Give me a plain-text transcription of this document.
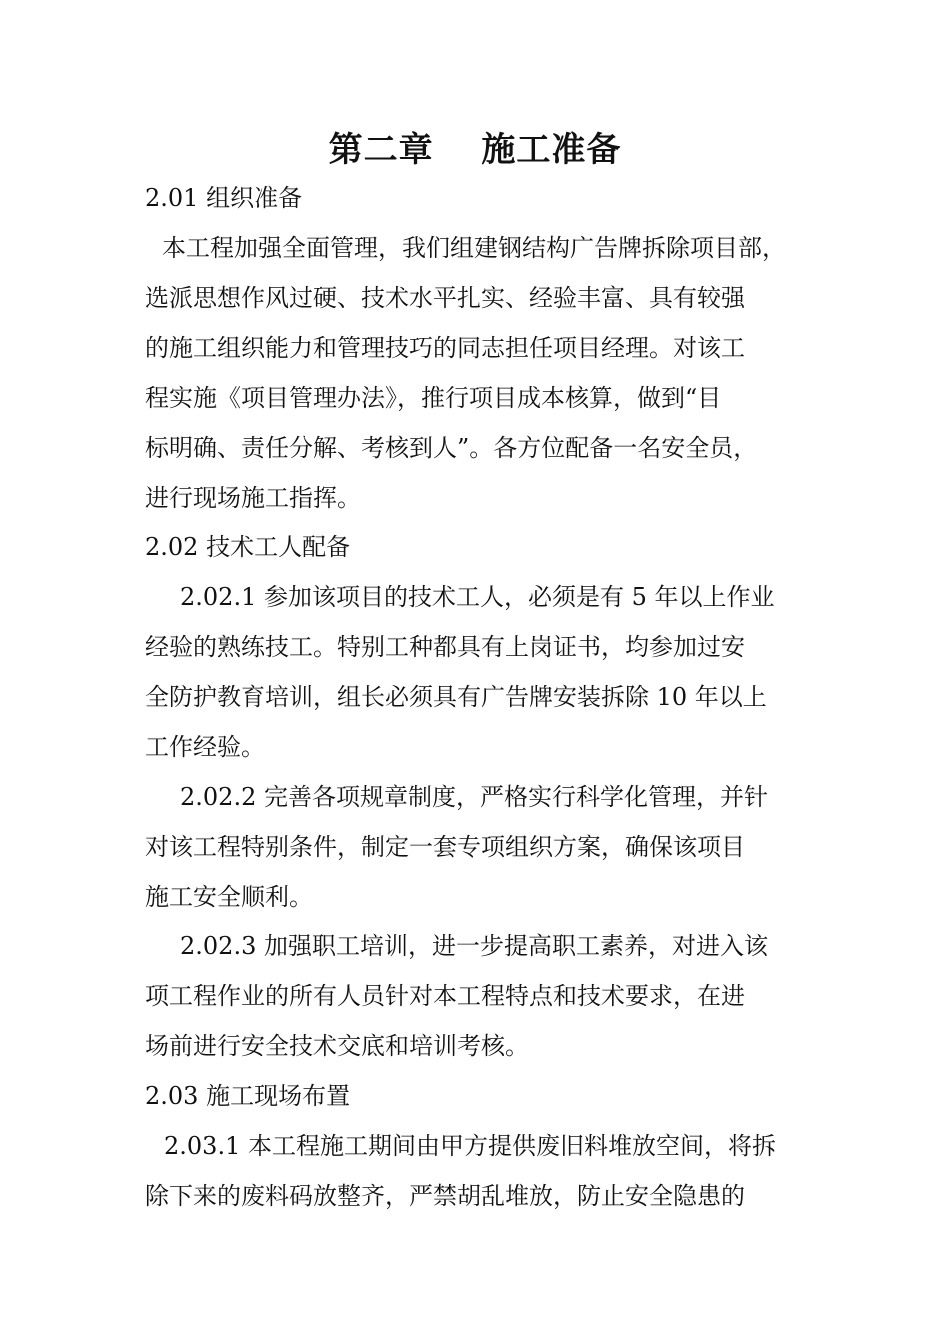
第二章　 施工准备
2.01 组织准备
本工程加强全面管理，我们组建钢结构广告牌拆除项目部，
选派思想作风过硬、技术水平扎实、经验丰富、具有较强
的施工组织能力和管理技巧的同志担任项目经理。对该工
程实施《项目管理办法》，推行项目成本核算，做到“目
标明确、责任分解、考核到人”。各方位配备一名安全员，
进行现场施工指挥。
2.02 技术工人配备
2.02.1 参加该项目的技术工人，必须是有 5 年以上作业
经验的熟练技工。特别工种都具有上岗证书，均参加过安
全防护教育培训，组长必须具有广告牌安装拆除 10 年以上
工作经验。
2.02.2 完善各项规章制度，严格实行科学化管理，并针
对该工程特别条件，制定一套专项组织方案，确保该项目
施工安全顺利。
2.02.3 加强职工培训，进一步提高职工素养，对进入该
项工程作业的所有人员针对本工程特点和技术要求，在进
场前进行安全技术交底和培训考核。
2.03 施工现场布置
2.03.1 本工程施工期间由甲方提供废旧料堆放空间，将拆
除下来的废料码放整齐，严禁胡乱堆放，防止安全隐患的
